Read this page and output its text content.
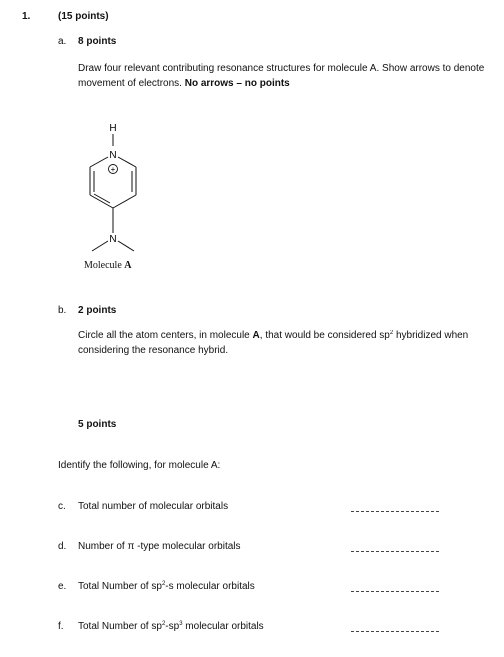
1.	(15 points)
a. 8 points
Draw four relevant contributing resonance structures for molecule A. Show arrows to denote movement of electrons. No arrows – no points
H
N
+
N
Molecule A
b. 2 points
Circle all the atom centers, in molecule A, that would be considered $sp^2$ hybridized when
considering the resonance hybrid.
5 points
Identify the following, for molecule A:
c. Total number of molecular orbitals
d. Number of π -type molecular orbitals
e. Total Number of $sp^2-s$ molecular orbitals
f. Total Number of $sp^2-sp^3$ molecular orbitals
